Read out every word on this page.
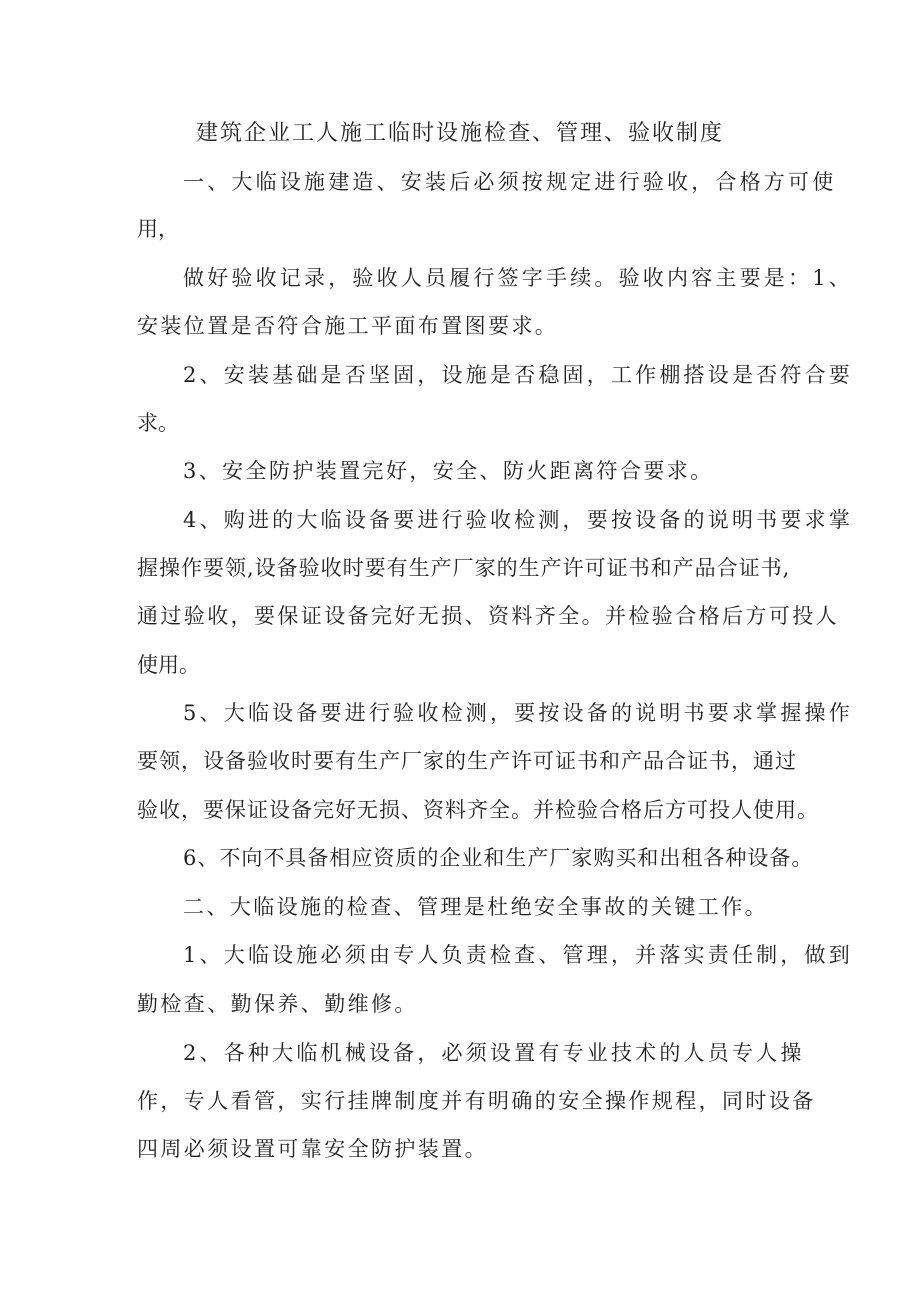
建筑企业工人施工临时设施检查、管理、验收制度
一、大临设施建造、安装后必须按规定进行验收，合格方可使
用，
做好验收记录，验收人员履行签字手续。验收内容主要是：1、
安装位置是否符合施工平面布置图要求。
2、安装基础是否坚固，设施是否稳固，工作棚搭设是否符合要
求。
3、安全防护装置完好，安全、防火距离符合要求。
4、购进的大临设备要进行验收检测，要按设备的说明书要求掌
握操作要领,设备验收时要有生产厂家的生产许可证书和产品合证书,
通过验收，要保证设备完好无损、资料齐全。并检验合格后方可投人
使用。
5、大临设备要进行验收检测，要按设备的说明书要求掌握操作
要领，设备验收时要有生产厂家的生产许可证书和产品合证书，通过
验收，要保证设备完好无损、资料齐全。并检验合格后方可投人使用。
6、不向不具备相应资质的企业和生产厂家购买和出租各种设备。
二、大临设施的检查、管理是杜绝安全事故的关键工作。
1、大临设施必须由专人负责检查、管理，并落实责任制，做到
勤检查、勤保养、勤维修。
2、各种大临机械设备，必须设置有专业技术的人员专人操
作，专人看管，实行挂牌制度并有明确的安全操作规程，同时设备
四周必须设置可靠安全防护装置。
